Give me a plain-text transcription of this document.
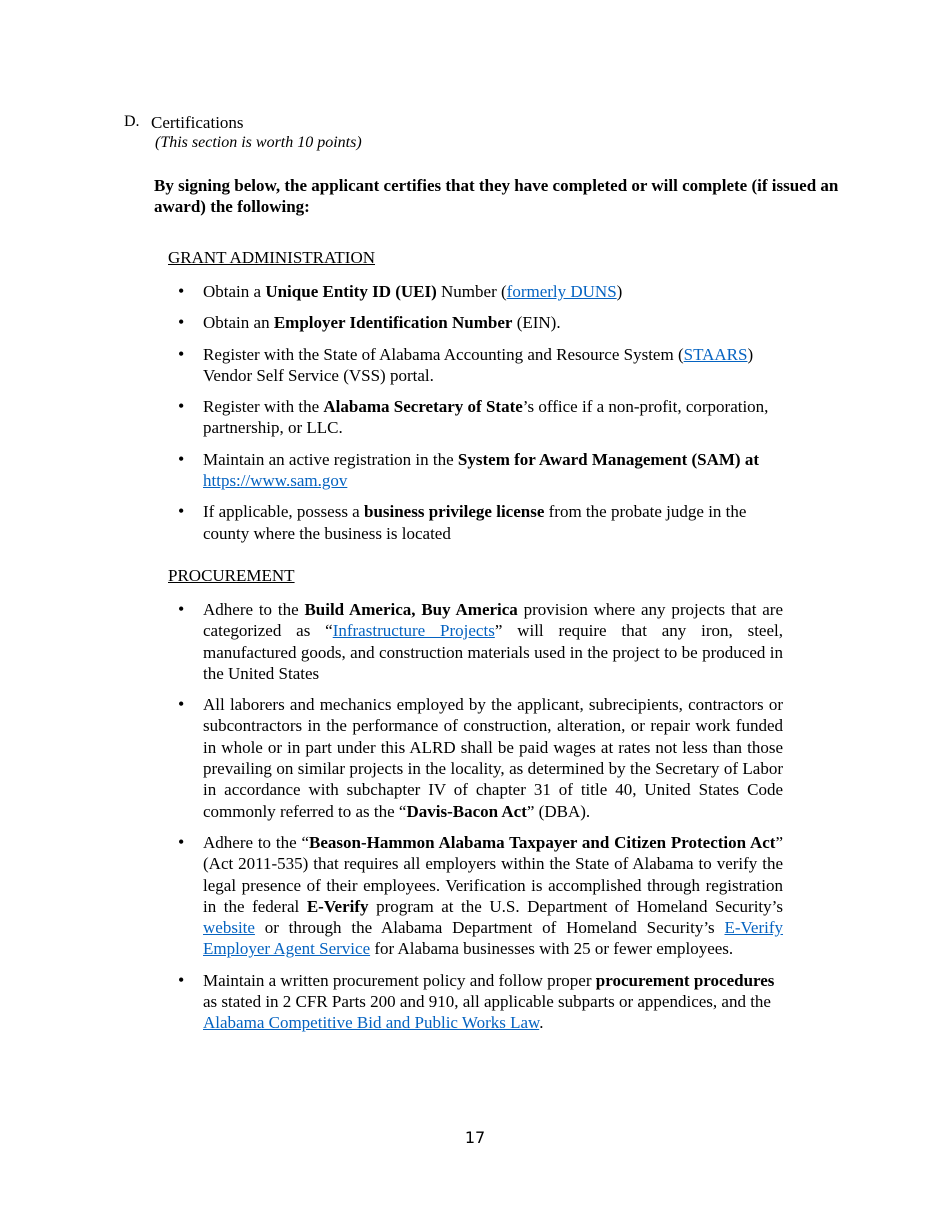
D. Certifications
(This section is worth 10 points)
By signing below, the applicant certifies that they have completed or will complete (if issued an award) the following:
GRANT ADMINISTRATION
• Obtain a Unique Entity ID (UEI) Number (formerly DUNS)
• Obtain an Employer Identification Number (EIN).
• Register with the State of Alabama Accounting and Resource System (STAARS) Vendor Self Service (VSS) portal.
• Register with the Alabama Secretary of State’s office if a non-profit, corporation, partnership, or LLC.
• Maintain an active registration in the System for Award Management (SAM) at https://www.sam.gov
• If applicable, possess a business privilege license from the probate judge in the county where the business is located
PROCUREMENT
• Adhere to the Build America, Buy America provision where any projects that are categorized as “Infrastructure Projects” will require that any iron, steel, manufactured goods, and construction materials used in the project to be produced in the United States
• All laborers and mechanics employed by the applicant, subrecipients, contractors or subcontractors in the performance of construction, alteration, or repair work funded in whole or in part under this ALRD shall be paid wages at rates not less than those prevailing on similar projects in the locality, as determined by the Secretary of Labor in accordance with subchapter IV of chapter 31 of title 40, United States Code commonly referred to as the “Davis-Bacon Act” (DBA).
• Adhere to the “Beason-Hammon Alabama Taxpayer and Citizen Protection Act” (Act 2011-535) that requires all employers within the State of Alabama to verify the legal presence of their employees. Verification is accomplished through registration in the federal E-Verify program at the U.S. Department of Homeland Security’s website or through the Alabama Department of Homeland Security’s E-Verify Employer Agent Service for Alabama businesses with 25 or fewer employees.
• Maintain a written procurement policy and follow proper procurement procedures as stated in 2 CFR Parts 200 and 910, all applicable subparts or appendices, and the Alabama Competitive Bid and Public Works Law.
17
